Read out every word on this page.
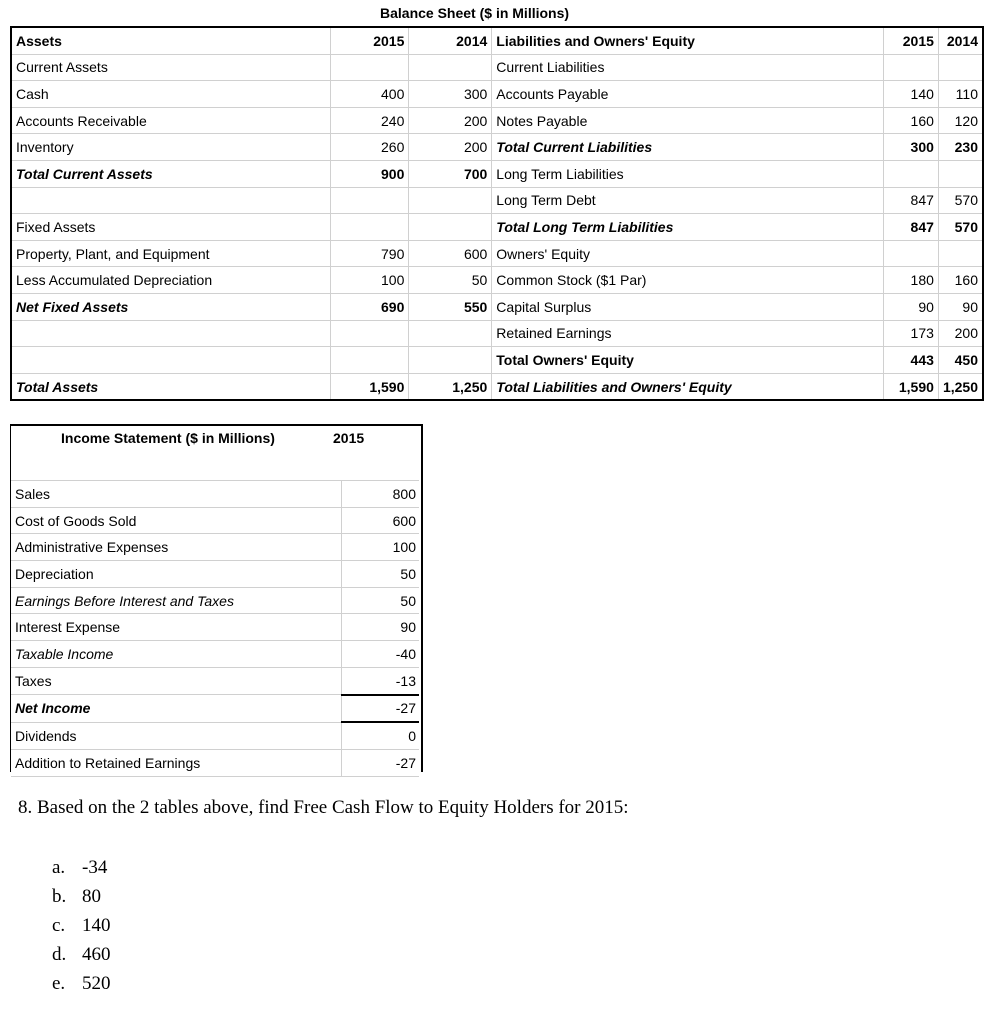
Balance Sheet ($ in Millions)
Assets	2015	2014	Liabilities and Owners' Equity	2015	2014
Current Assets			Current Liabilities		
Cash	400	300	Accounts Payable	140	110
Accounts Receivable	240	200	Notes Payable	160	120
Inventory	260	200	Total Current Liabilities	300	230
Total Current Assets	900	700	Long Term Liabilities		
			Long Term Debt	847	570
Fixed Assets			Total Long Term Liabilities	847	570
Property, Plant, and Equipment	790	600	Owners' Equity		
Less Accumulated Depreciation	100	50	Common Stock ($1 Par)	180	160
Net Fixed Assets	690	550	Capital Surplus	90	90
			Retained Earnings	173	200
			Total Owners' Equity	443	450
Total Assets	1,590	1,250	Total Liabilities and Owners' Equity	1,590	1,250
Income Statement ($ in Millions)	2015
Sales	800
Cost of Goods Sold	600
Administrative Expenses	100
Depreciation	50
Earnings Before Interest and Taxes	50
Interest Expense	90
Taxable Income	-40
Taxes	-13
Net Income	-27
Dividends	0
Addition to Retained Earnings	-27
8. Based on the 2 tables above, find Free Cash Flow to Equity Holders for 2015:
a. -34
b. 80
c. 140
d. 460
e. 520
